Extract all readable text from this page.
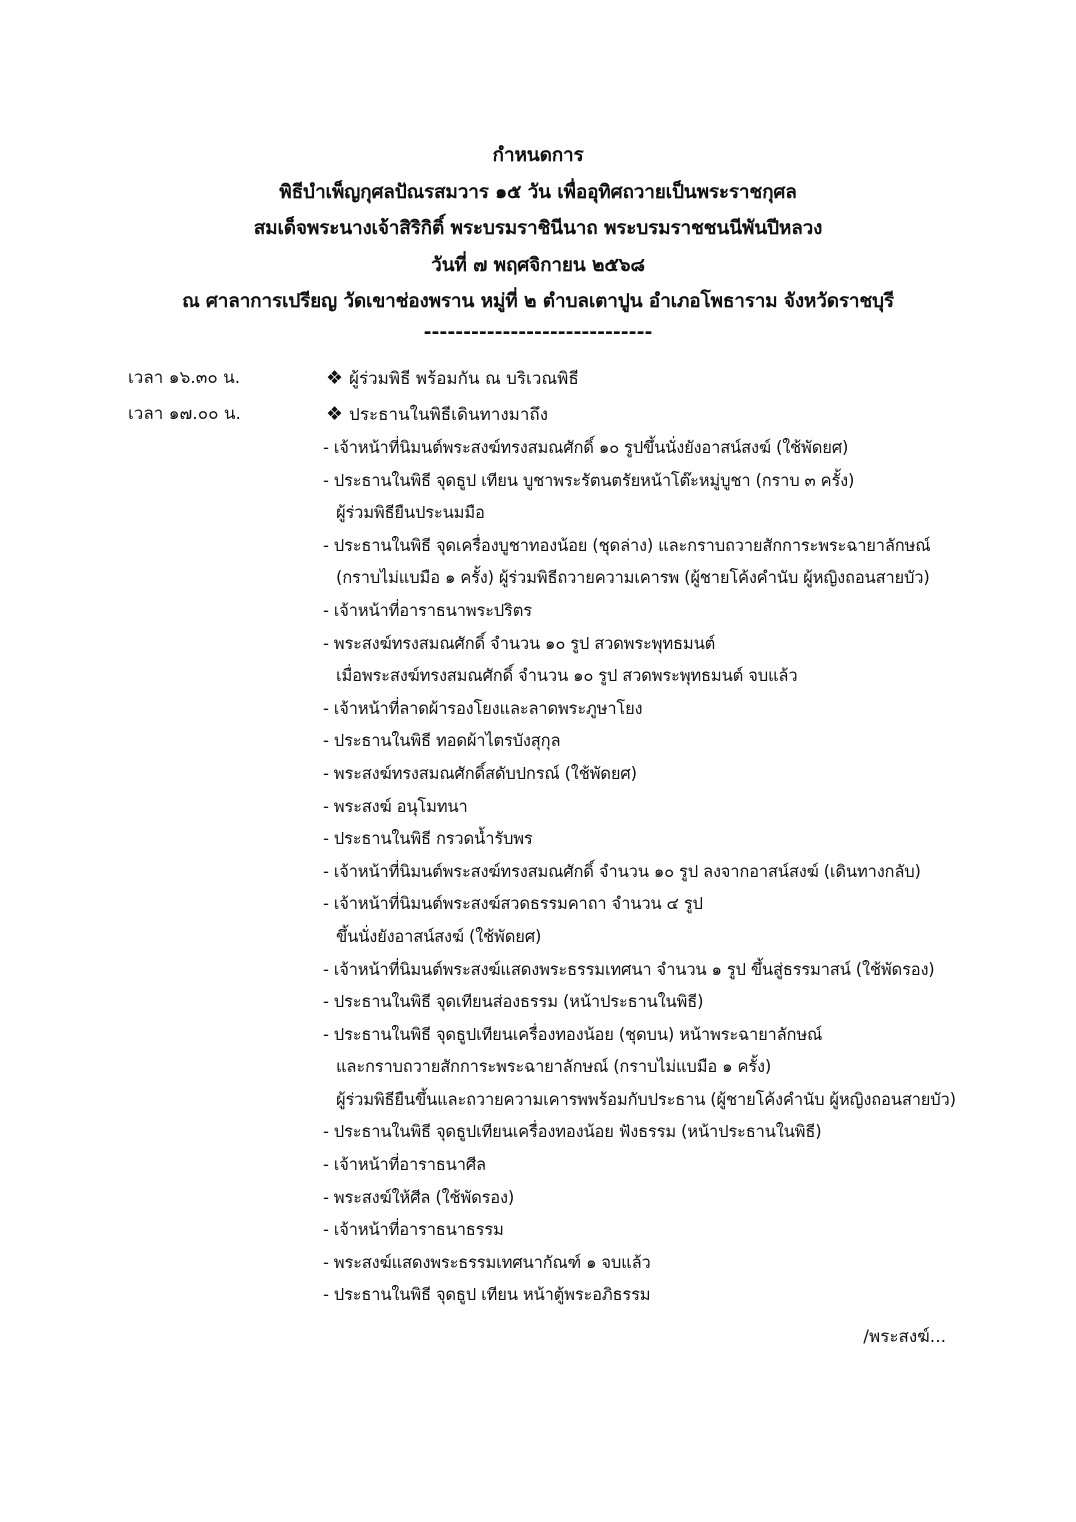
กำหนดการ
พิธีบำเพ็ญกุศลปัณรสมวาร ๑๕ วัน เพื่ออุทิศถวายเป็นพระราชกุศล
สมเด็จพระนางเจ้าสิริกิติ์ พระบรมราชินีนาถ พระบรมราชชนนีพันปีหลวง
วันที่ ๗ พฤศจิกายน ๒๕๖๘
ณ ศาลาการเปรียญ วัดเขาช่องพราน หมู่ที่ ๒ ตำบลเตาปูน อำเภอโพธาราม จังหวัดราชบุรี
-----------------------------
เวลา ๑๖.๓๐ น.	❖ ผู้ร่วมพิธี พร้อมกัน ณ บริเวณพิธี
เวลา ๑๗.๐๐ น.	❖ ประธานในพิธีเดินทางมาถึง
- เจ้าหน้าที่นิมนต์พระสงฆ์ทรงสมณศักดิ์ ๑๐ รูปขึ้นนั่งยังอาสน์สงฆ์ (ใช้พัดยศ)
- ประธานในพิธี จุดธูป เทียน บูชาพระรัตนตรัยหน้าโต๊ะหมู่บูชา (กราบ ๓ ครั้ง)
ผู้ร่วมพิธียืนประนมมือ
- ประธานในพิธี จุดเครื่องบูชาทองน้อย (ชุดล่าง) และกราบถวายสักการะพระฉายาลักษณ์
(กราบไม่แบมือ ๑ ครั้ง) ผู้ร่วมพิธีถวายความเคารพ (ผู้ชายโค้งคำนับ ผู้หญิงถอนสายบัว)
- เจ้าหน้าที่อาราธนาพระปริตร
- พระสงฆ์ทรงสมณศักดิ์ จำนวน ๑๐ รูป สวดพระพุทธมนต์
เมื่อพระสงฆ์ทรงสมณศักดิ์ จำนวน ๑๐ รูป สวดพระพุทธมนต์ จบแล้ว
- เจ้าหน้าที่ลาดผ้ารองโยงและลาดพระภูษาโยง
- ประธานในพิธี ทอดผ้าไตรบังสุกุล
- พระสงฆ์ทรงสมณศักดิ์สดับปกรณ์ (ใช้พัดยศ)
- พระสงฆ์ อนุโมทนา
- ประธานในพิธี กรวดน้ำรับพร
- เจ้าหน้าที่นิมนต์พระสงฆ์ทรงสมณศักดิ์ จำนวน ๑๐ รูป ลงจากอาสน์สงฆ์ (เดินทางกลับ)
- เจ้าหน้าที่นิมนต์พระสงฆ์สวดธรรมคาถา จำนวน ๔ รูป
ขึ้นนั่งยังอาสน์สงฆ์ (ใช้พัดยศ)
- เจ้าหน้าที่นิมนต์พระสงฆ์แสดงพระธรรมเทศนา จำนวน ๑ รูป ขึ้นสู่ธรรมาสน์ (ใช้พัดรอง)
- ประธานในพิธี จุดเทียนส่องธรรม (หน้าประธานในพิธี)
- ประธานในพิธี จุดธูปเทียนเครื่องทองน้อย (ชุดบน) หน้าพระฉายาลักษณ์
และกราบถวายสักการะพระฉายาลักษณ์ (กราบไม่แบมือ ๑ ครั้ง)
ผู้ร่วมพิธียืนขึ้นและถวายความเคารพพร้อมกับประธาน (ผู้ชายโค้งคำนับ ผู้หญิงถอนสายบัว)
- ประธานในพิธี จุดธูปเทียนเครื่องทองน้อย ฟังธรรม (หน้าประธานในพิธี)
- เจ้าหน้าที่อาราธนาศีล
- พระสงฆ์ให้ศีล (ใช้พัดรอง)
- เจ้าหน้าที่อาราธนาธรรม
- พระสงฆ์แสดงพระธรรมเทศนากัณฑ์ ๑ จบแล้ว
- ประธานในพิธี จุดธูป เทียน หน้าตู้พระอภิธรรม
/พระสงฆ์...
